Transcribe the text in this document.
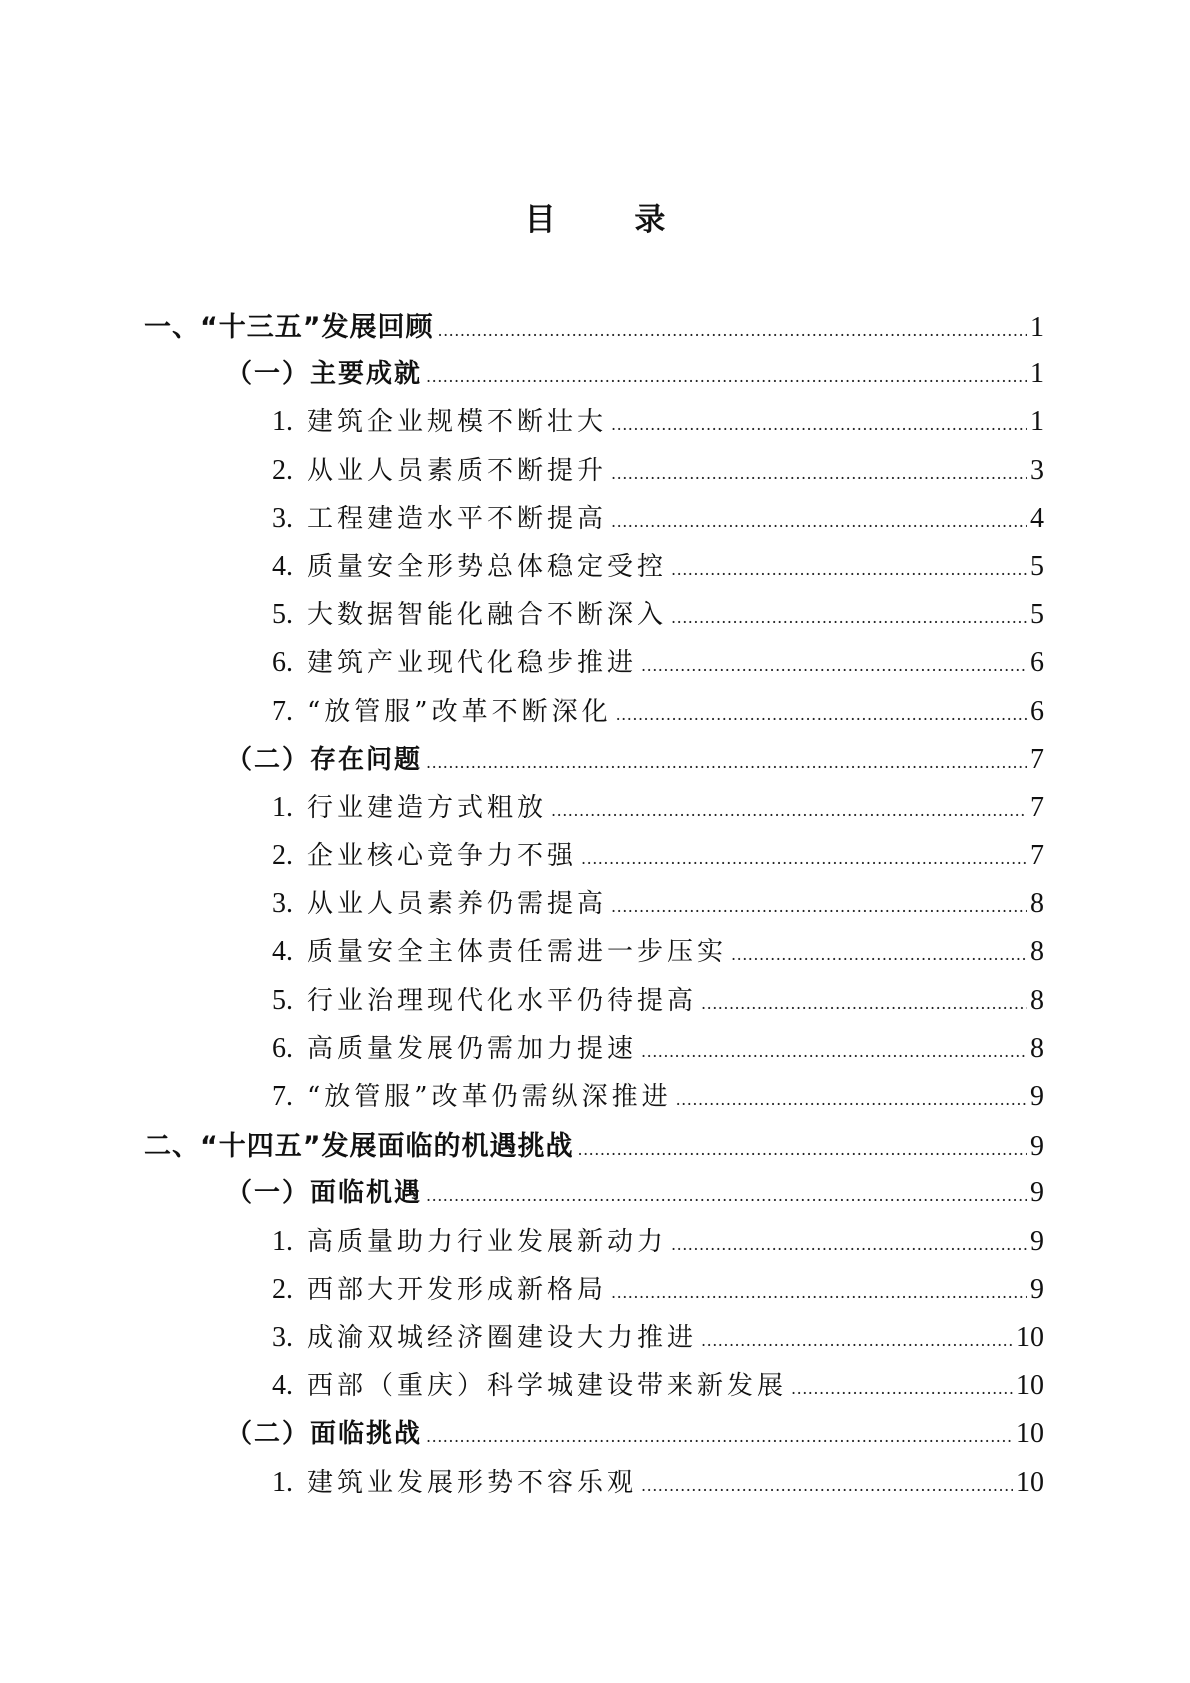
目 录
一、“十三五”发展回顾 .....	1
（一）主要成就 .....	1
1. 建筑企业规模不断壮大 .....	1
2. 从业人员素质不断提升 .....	3
3. 工程建造水平不断提高 .....	4
4. 质量安全形势总体稳定受控 .....	5
5. 大数据智能化融合不断深入 .....	5
6. 建筑产业现代化稳步推进 .....	6
7. “放管服”改革不断深化 .....	6
（二）存在问题 .....	7
1. 行业建造方式粗放 .....	7
2. 企业核心竞争力不强 .....	7
3. 从业人员素养仍需提高 .....	8
4. 质量安全主体责任需进一步压实 .....	8
5. 行业治理现代化水平仍待提高 .....	8
6. 高质量发展仍需加力提速 .....	8
7. “放管服”改革仍需纵深推进 .....	9
二、“十四五”发展面临的机遇挑战 .....	9
（一）面临机遇 .....	9
1. 高质量助力行业发展新动力 .....	9
2. 西部大开发形成新格局 .....	9
3. 成渝双城经济圈建设大力推进 .....	10
4. 西部（重庆）科学城建设带来新发展 .....	10
（二）面临挑战 .....	10
1. 建筑业发展形势不容乐观 .....	10
